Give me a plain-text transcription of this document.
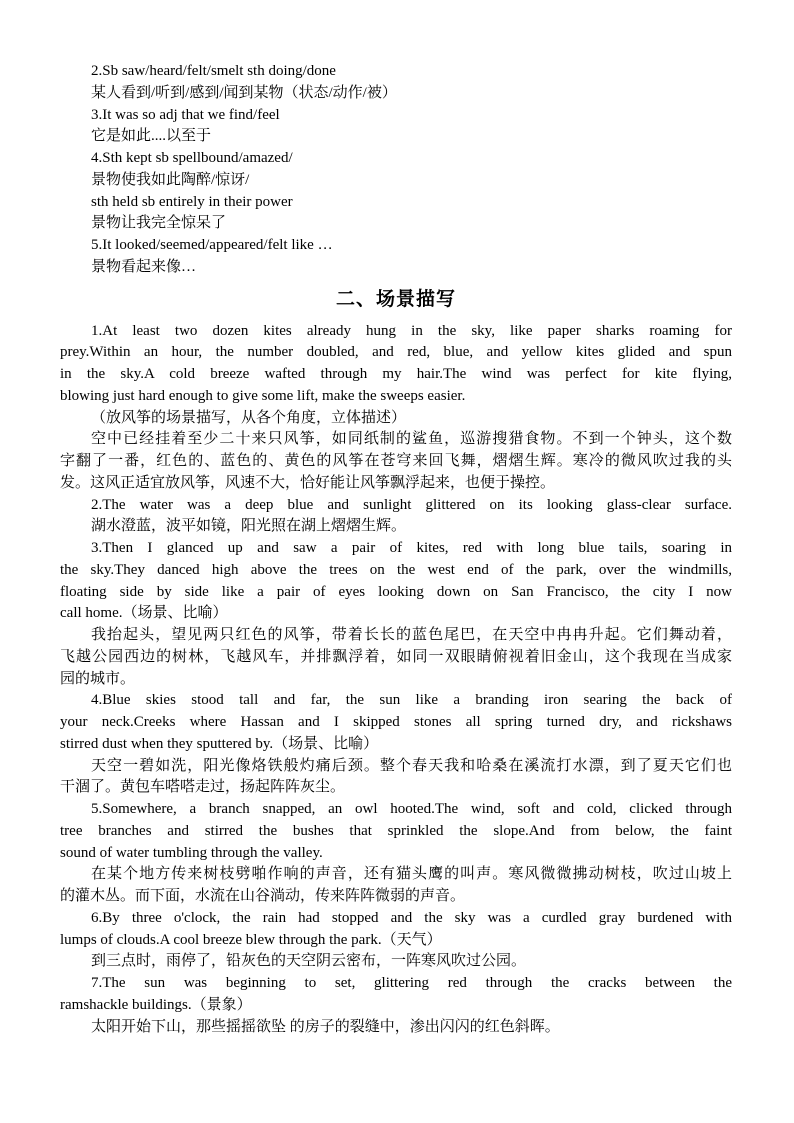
2.Sb saw/heard/felt/smelt sth doing/done
某人看到/听到/感到/闻到某物（状态/动作/被）
3.It was so adj that we find/feel
它是如此....以至于
4.Sth kept sb spellbound/amazed/
景物使我如此陶醉/惊讶/
sth held sb entirely in their power
景物让我完全惊呆了
5.It looked/seemed/appeared/felt like …
景物看起来像…
二、场景描写
1.At least two dozen kites already hung in the sky, like paper sharks roaming for
prey.Within an hour, the number doubled, and red, blue, and yellow kites glided and spun
in the sky.A cold breeze wafted through my hair.The wind was perfect for kite flying,
blowing just hard enough to give some lift, make the sweeps easier.
（放风筝的场景描写，从各个角度，立体描述）
空中已经挂着至少二十来只风筝，如同纸制的鲨鱼，巡游搜猎食物。不到一个钟头，这个数
字翻了一番，红色的、蓝色的、黄色的风筝在苍穹来回飞舞，熠熠生辉。寒冷的微风吹过我的头
发。这风正适宜放风筝，风速不大，恰好能让风筝飘浮起来，也便于操控。
2.The water was a deep blue and sunlight glittered on its looking glass-clear surface.
湖水澄蓝，波平如镜，阳光照在湖上熠熠生辉。
3.Then I glanced up and saw a pair of kites, red with long blue tails, soaring in
the sky.They danced high above the trees on the west end of the park, over the windmills,
floating side by side like a pair of eyes looking down on San Francisco, the city I now
call home.（场景、比喻）
我抬起头，望见两只红色的风筝，带着长长的蓝色尾巴，在天空中冉冉升起。它们舞动着，
飞越公园西边的树林，飞越风车，并排飘浮着，如同一双眼睛俯视着旧金山，这个我现在当成家
园的城市。
4.Blue skies stood tall and far, the sun like a branding iron searing the back of
your neck.Creeks where Hassan and I skipped stones all spring turned dry, and rickshaws
stirred dust when they sputtered by.（场景、比喻）
天空一碧如洗，阳光像烙铁般灼痛后颈。整个春天我和哈桑在溪流打水漂，到了夏天它们也
干涸了。黄包车嗒嗒走过，扬起阵阵灰尘。
5.Somewhere, a branch snapped, an owl hooted.The wind, soft and cold, clicked through
tree branches and stirred the bushes that sprinkled the slope.And from below, the faint
sound of water tumbling through the valley.
在某个地方传来树枝劈啪作响的声音，还有猫头鹰的叫声。寒风微微拂动树枝，吹过山坡上
的灌木丛。而下面，水流在山谷淌动，传来阵阵微弱的声音。
6.By three o'clock, the rain had stopped and the sky was a curdled gray burdened with
lumps of clouds.A cool breeze blew through the park.（天气）
到三点时，雨停了，铅灰色的天空阴云密布，一阵寒风吹过公园。
7.The sun was beginning to set, glittering red through the cracks between the
ramshackle buildings.（景象）
太阳开始下山，那些摇摇欲坠 的房子的裂缝中，渗出闪闪的红色斜晖。
